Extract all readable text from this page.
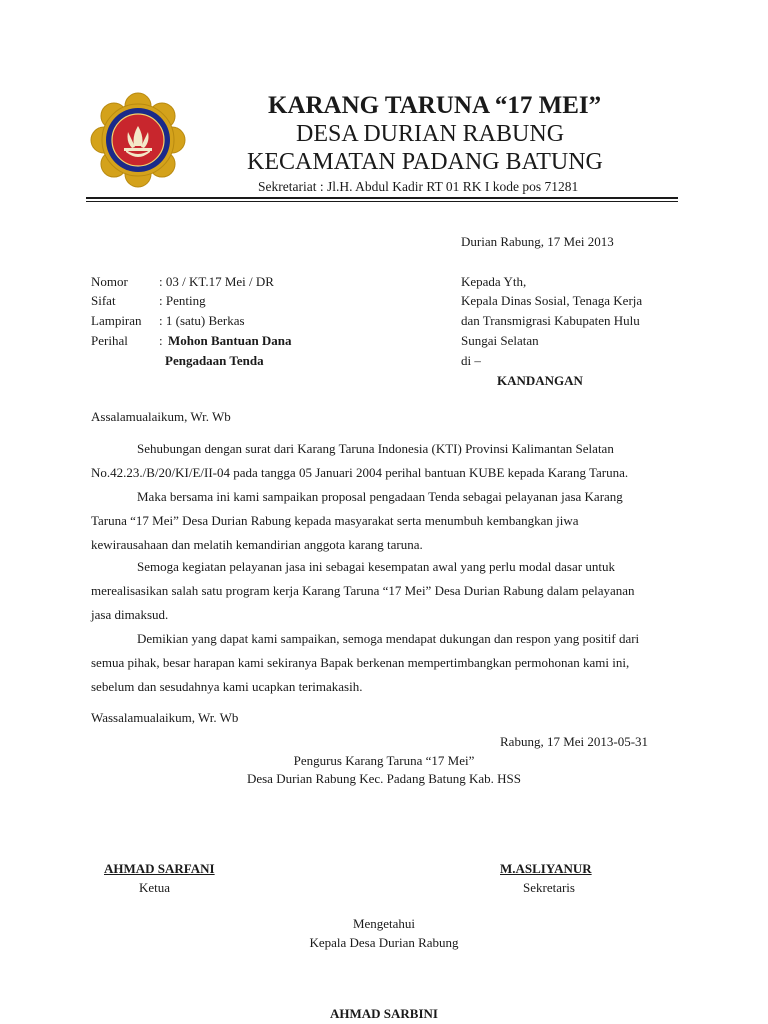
KARANG TARUNA “17 MEI”
DESA DURIAN RABUNG
KECAMATAN PADANG BATUNG
Sekretariat : Jl.H. Abdul Kadir RT 01 RK I kode pos 71281
Durian Rabung, 17 Mei 2013
Nomor : 03 / KT.17 Mei / DR
Sifat	: Penting
Lampiran : 1 (satu) Berkas
Perihal : Mohon Bantuan Dana
Pengadaan Tenda
Kepada Yth,
Kepala Dinas Sosial, Tenaga Kerja
dan Transmigrasi Kabupaten Hulu
Sungai Selatan
di –
KANDANGAN
Assalamualaikum, Wr. Wb
Sehubungan dengan surat dari Karang Taruna Indonesia (KTI) Provinsi Kalimantan Selatan
No.42.23./B/20/KI/E/II-04 pada tangga 05 Januari 2004 perihal bantuan KUBE kepada Karang Taruna.
Maka bersama ini kami sampaikan proposal pengadaan Tenda sebagai pelayanan jasa Karang
Taruna “17 Mei” Desa Durian Rabung kepada masyarakat serta menumbuh kembangkan jiwa
kewirausahaan dan melatih kemandirian anggota karang taruna.
Semoga kegiatan pelayanan jasa ini sebagai kesempatan awal yang perlu modal dasar untuk
merealisasikan salah satu program kerja Karang Taruna “17 Mei” Desa Durian Rabung dalam pelayanan
jasa dimaksud.
Demikian yang dapat kami sampaikan, semoga mendapat dukungan dan respon yang positif dari
semua pihak, besar harapan kami sekiranya Bapak berkenan mempertimbangkan permohonan kami ini,
sebelum dan sesudahnya kami ucapkan terimakasih.
Wassalamualaikum, Wr. Wb
Rabung, 17 Mei 2013-05-31
Pengurus Karang Taruna “17 Mei”
Desa Durian Rabung Kec. Padang Batung Kab. HSS
AHMAD SARFANI
Ketua
M.ASLIYANUR
Sekretaris
Mengetahui
Kepala Desa Durian Rabung
AHMAD SARBINI
